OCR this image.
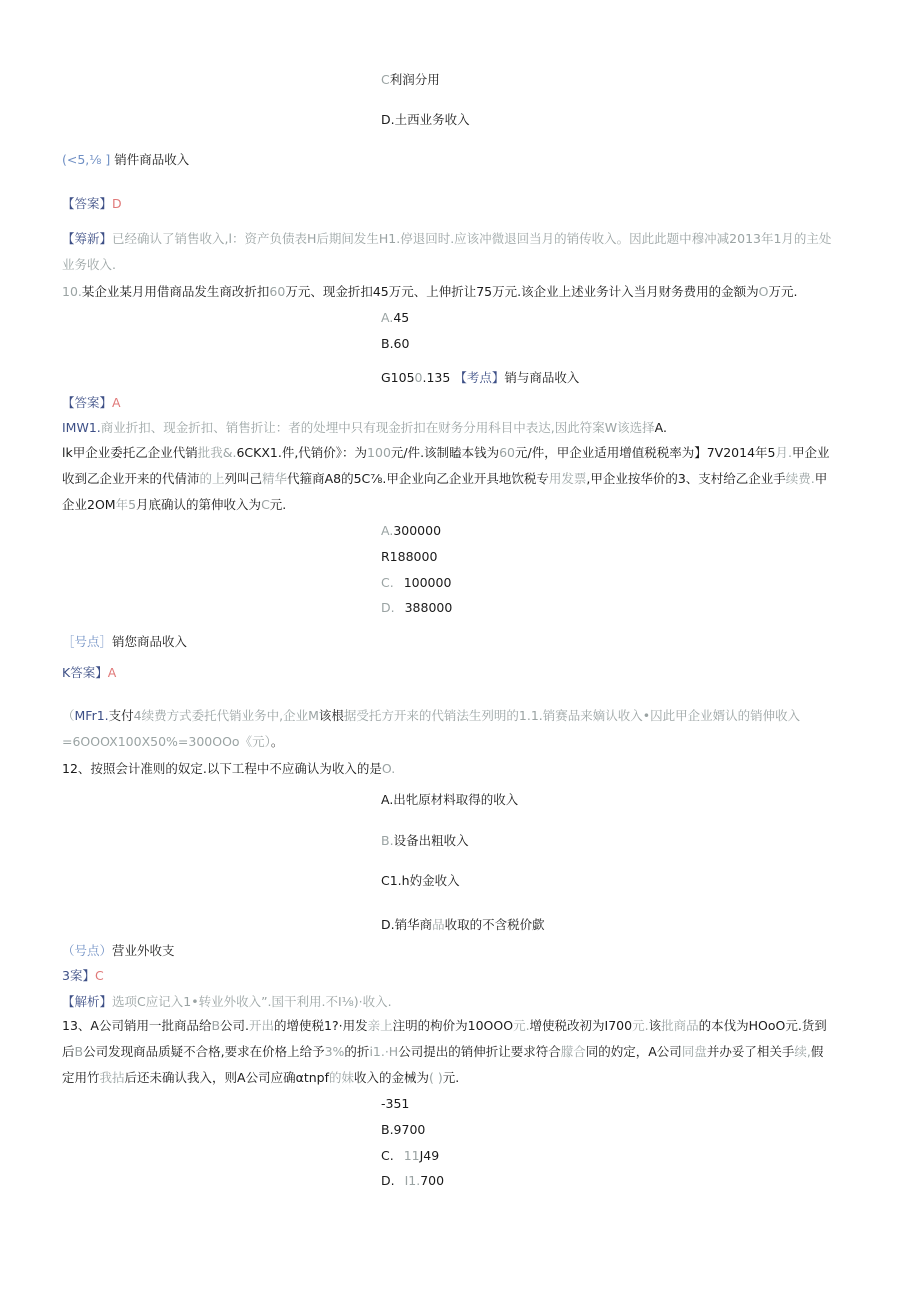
C利润分用
D.土西业务收入
(<5,⅛ ] 销件商品收入
【答案】D
【筹新】已经确认了销售收入,l：资产负债表H后期间发生H1.停退回时.应该冲微退回当月的销传收入。因此此题中穆冲减2013年1月的主处业务收入.
10.某企业某月用借商品发生商改折扣60万元、现金折扣45万元、上伸折让75万元.该企业上述业务计入当月财务费用的金额为O万元.
A.45
B.60
G1050.135 【考点】销与商品收入
【答案】A
IMW1.商业折扣、现金折扣、销售折让：者的处埋中只有现金折扣在财务分用科目中表达,因此符案W该选择A.
lk甲企业委托乙企业代销批我&.6CKX1.件,代销价》：为100元/件.该制瞌本钱为60元/件，甲企业适用增值税税率为】7V2014年5月.甲企业收到乙企业开来的代倩沛的上列叫己精华代箍商A8的5C⅞.甲企业向乙企业开具地饮税专用发票,甲企业按华价的3、支村给乙企业手续费.甲企业2OM年5月底确认的第伸收入为C元.
A.300000
R188000
C. 100000
D. 388000
［号点］销您商品收入
K答案】A
（MFr1.支付4续费方式委托代销业务中,企业M该根据受托方开来的代销法生列明的1.1.销赛品来嫡认收入•囚此甲企业婿认的销伸收入=6OOOX100X50%=300OOo《元）。
12、按照会计准则的奴定.以下工程中不应确认为收入的是O.
A.出牝原材料取得的收入
B.设备出粗收入
C1.h妁金收入
D.销华商品收取的不含税价歔
（号点）营业外收支
3案】C
【解析】选项C应记入1•转业外收入”.国干利用.不I⅛)·收入.
13、A公司销用一批商品给B公司.开出的增使税1?·用发亲上注明的枸价为10OOO元.增使税改初为I700元.该批商品的本伐为HOoO元.货到后B公司发现商品质疑不合格,要求在价格上给予3%的折i1.·H公司提出的销伸折让要求符合朦合同的妁定，A公司同盘并办妥了相关手续,假定用竹我拈后还未确认我入，则A公司应确αtnpf的妹收入的金械为( )元.
-351
B.9700
C. 11J49
D. I1.700
